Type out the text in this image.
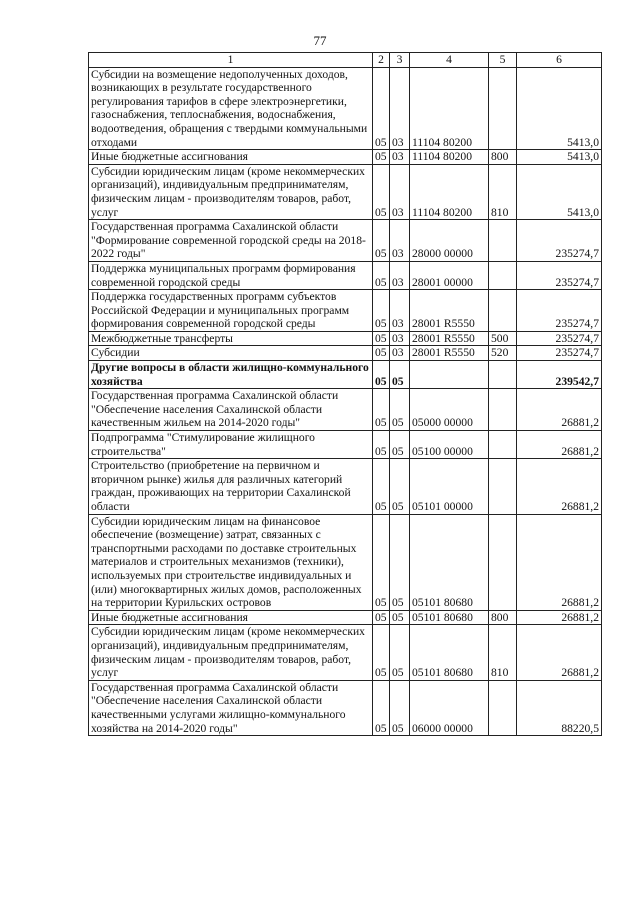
77
1	2	3	4	5	6
Субсидии на возмещение недополученных доходов, возникающих в результате государственного регулирования тарифов в сфере электроэнергетики, газоснабжения, теплоснабжения, водоснабжения, водоотведения, обращения с твердыми коммунальными отходами	05	03	11104 80200		5413,0
Иные бюджетные ассигнования	05	03	11104 80200	800	5413,0
Субсидии юридическим лицам (кроме некоммерческих организаций), индивидуальным предпринимателям, физическим лицам - производителям товаров, работ, услуг	05	03	11104 80200	810	5413,0
Государственная программа Сахалинской области "Формирование современной городской среды на 2018-2022 годы"	05	03	28000 00000		235274,7
Поддержка муниципальных программ формирования современной городской среды	05	03	28001 00000		235274,7
Поддержка государственных программ субъектов Российской Федерации и муниципальных программ формирования современной городской среды	05	03	28001 R5550		235274,7
Межбюджетные трансферты	05	03	28001 R5550	500	235274,7
Субсидии	05	03	28001 R5550	520	235274,7
Другие вопросы в области жилищно-коммунального хозяйства	05	05			239542,7
Государственная программа Сахалинской области "Обеспечение населения Сахалинской области качественным жильем на 2014-2020 годы"	05	05	05000 00000		26881,2
Подпрограмма "Стимулирование жилищного строительства"	05	05	05100 00000		26881,2
Строительство (приобретение на первичном и вторичном рынке) жилья для различных категорий граждан, проживающих на территории Сахалинской области	05	05	05101 00000		26881,2
Субсидии юридическим лицам на финансовое обеспечение (возмещение) затрат, связанных с транспортными расходами по доставке строительных материалов и строительных механизмов (техники), используемых при строительстве индивидуальных и (или) многоквартирных жилых домов, расположенных на территории Курильских островов	05	05	05101 80680		26881,2
Иные бюджетные ассигнования	05	05	05101 80680	800	26881,2
Субсидии юридическим лицам (кроме некоммерческих организаций), индивидуальным предпринимателям, физическим лицам - производителям товаров, работ, услуг	05	05	05101 80680	810	26881,2
Государственная программа Сахалинской области "Обеспечение населения Сахалинской области качественными услугами жилищно-коммунального хозяйства на 2014-2020 годы"	05	05	06000 00000		88220,5
